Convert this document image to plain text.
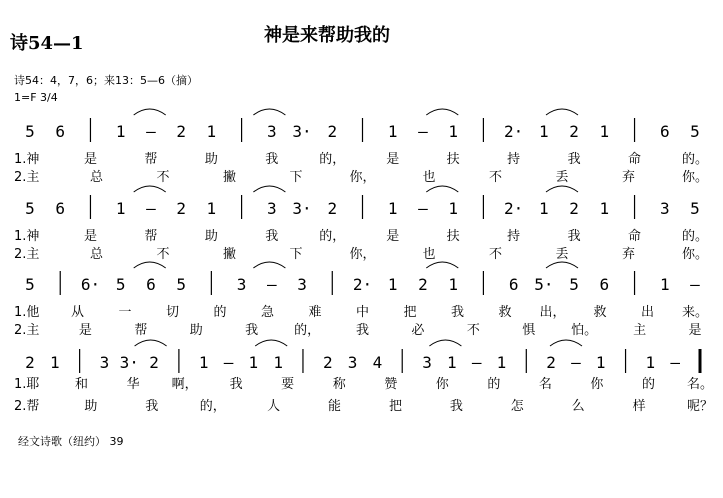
诗54—1	神是来帮助我的
诗54：4，7，6；来13：5—6（摘）
1=F 3/4
经文诗歌（纽约） 39
5 6	1 – 2 1	3 3· 2	1 – 1	2· 1 2 1	6 5
1.神	是	帮	助	我	的，	是	扶	持	我	命	的。
2.主	总	不	撇	下	你，	也	不	丢	弃	你。
5 6	1 – 2 1	3 3· 2	1 – 1	2· 1 2 1	3 5
1.神	是	帮	助	我	的，	是	扶	持	我	命	的。
2.主	总	不	撇	下	你，	也	不	丢	弃	你。
5	6· 5 6 5	3 – 3	2· 1 2 1	6 5· 5 6	1 –
1.他 从	一	切	的	急	难	中	把	我	救 出， 救	出 来。
2.主	是	帮	助	我	的，	我	必	不	惧	怕。	主	是
2 1 3 3· 2 1 – 1 1 2 3 4 3 1 – 1 2 – 1 1 –
1.耶	和	华 啊， 我	要	称	赞	你	的	名	你	的 名。
2.帮	助	我	的，	人	能	把	我	怎	么	样	呢？
